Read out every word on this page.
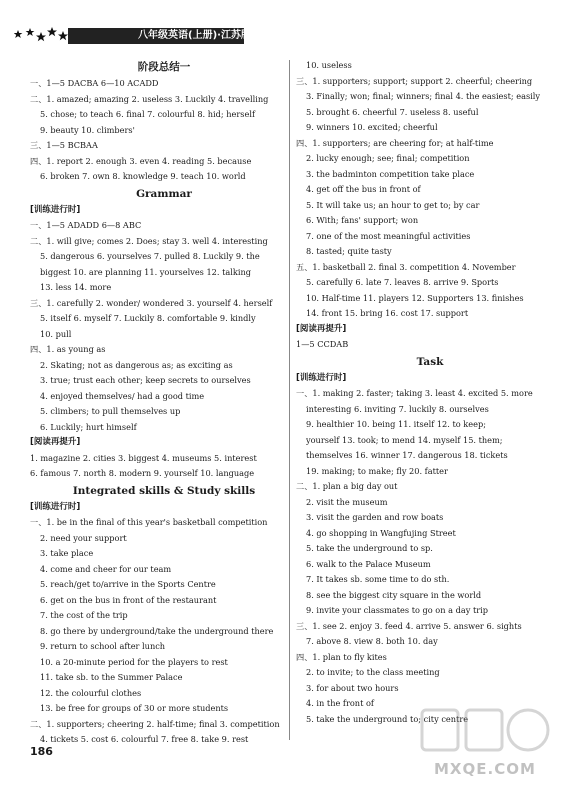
八年级英语(上册)·江苏版
阶段总结一
一、1—5 DACBA 6—10 ACADD
二、1. amazed; amazing 2. useless 3. Luckily 4. travelling
5. chose; to teach 6. final 7. colourful 8. hid; herself
9. beauty 10. climbers'
三、1—5 BCBAA
四、1. report 2. enough 3. even 4. reading 5. because
6. broken 7. own 8. knowledge 9. teach 10. world
Grammar
[训练进行时]
一、1—5 ADADD 6—8 ABC
二、1. will give; comes 2. Does; stay 3. well 4. interesting
5. dangerous 6. yourselves 7. pulled 8. Luckily 9. the
biggest 10. are planning 11. yourselves 12. talking
13. less 14. more
三、1. carefully 2. wonder/ wondered 3. yourself 4. herself
5. itself 6. myself 7. Luckily 8. comfortable 9. kindly
10. pull
四、1. as young as
2. Skating; not as dangerous as; as exciting as
3. true; trust each other; keep secrets to ourselves
4. enjoyed themselves/ had a good time
5. climbers; to pull themselves up
6. Luckily; hurt himself
[阅读再提升]
1. magazine 2. cities 3. biggest 4. museums 5. interest
6. famous 7. north 8. modern 9. yourself 10. language
Integrated skills & Study skills
[训练进行时]
一、1. be in the final of this year's basketball competition
2. need your support
3. take place
4. come and cheer for our team
5. reach/get to/arrive in the Sports Centre
6. get on the bus in front of the restaurant
7. the cost of the trip
8. go there by underground/take the underground there
9. return to school after lunch
10. a 20-minute period for the players to rest
11. take sb. to the Summer Palace
12. the colourful clothes
13. be free for groups of 30 or more students
二、1. supporters; cheering 2. half-time; final 3. competition
4. tickets 5. cost 6. colourful 7. free 8. take 9. rest
10. useless
三、1. supporters; support; support 2. cheerful; cheering
3. Finally; won; final; winners; final 4. the easiest; easily
5. brought 6. cheerful 7. useless 8. useful
9. winners 10. excited; cheerful
四、1. supporters; are cheering for; at half-time
2. lucky enough; see; final; competition
3. the badminton competition take place
4. get off the bus in front of
5. It will take us; an hour to get to; by car
6. With; fans' support; won
7. one of the most meaningful activities
8. tasted; quite tasty
五、1. basketball 2. final 3. competition 4. November
5. carefully 6. late 7. leaves 8. arrive 9. Sports
10. Half-time 11. players 12. Supporters 13. finishes
14. front 15. bring 16. cost 17. support
[阅读再提升]
1—5 CCDAB
Task
[训练进行时]
一、1. making 2. faster; taking 3. least 4. excited 5. more
interesting 6. inviting 7. luckily 8. ourselves
9. healthier 10. being 11. itself 12. to keep;
yourself 13. took; to mend 14. myself 15. them;
themselves 16. winner 17. dangerous 18. tickets
19. making; to make; fly 20. fatter
二、1. plan a big day out
2. visit the museum
3. visit the garden and row boats
4. go shopping in Wangfujing Street
5. take the underground to sp.
6. walk to the Palace Museum
7. It takes sb. some time to do sth.
8. see the biggest city square in the world
9. invite your classmates to go on a day trip
三、1. see 2. enjoy 3. feed 4. arrive 5. answer 6. sights
7. above 8. view 8. both 10. day
四、1. plan to fly kites
2. to invite; to the class meeting
3. for about two hours
4. in the front of
5. take the underground to; city centre
186
MXQE.COM
